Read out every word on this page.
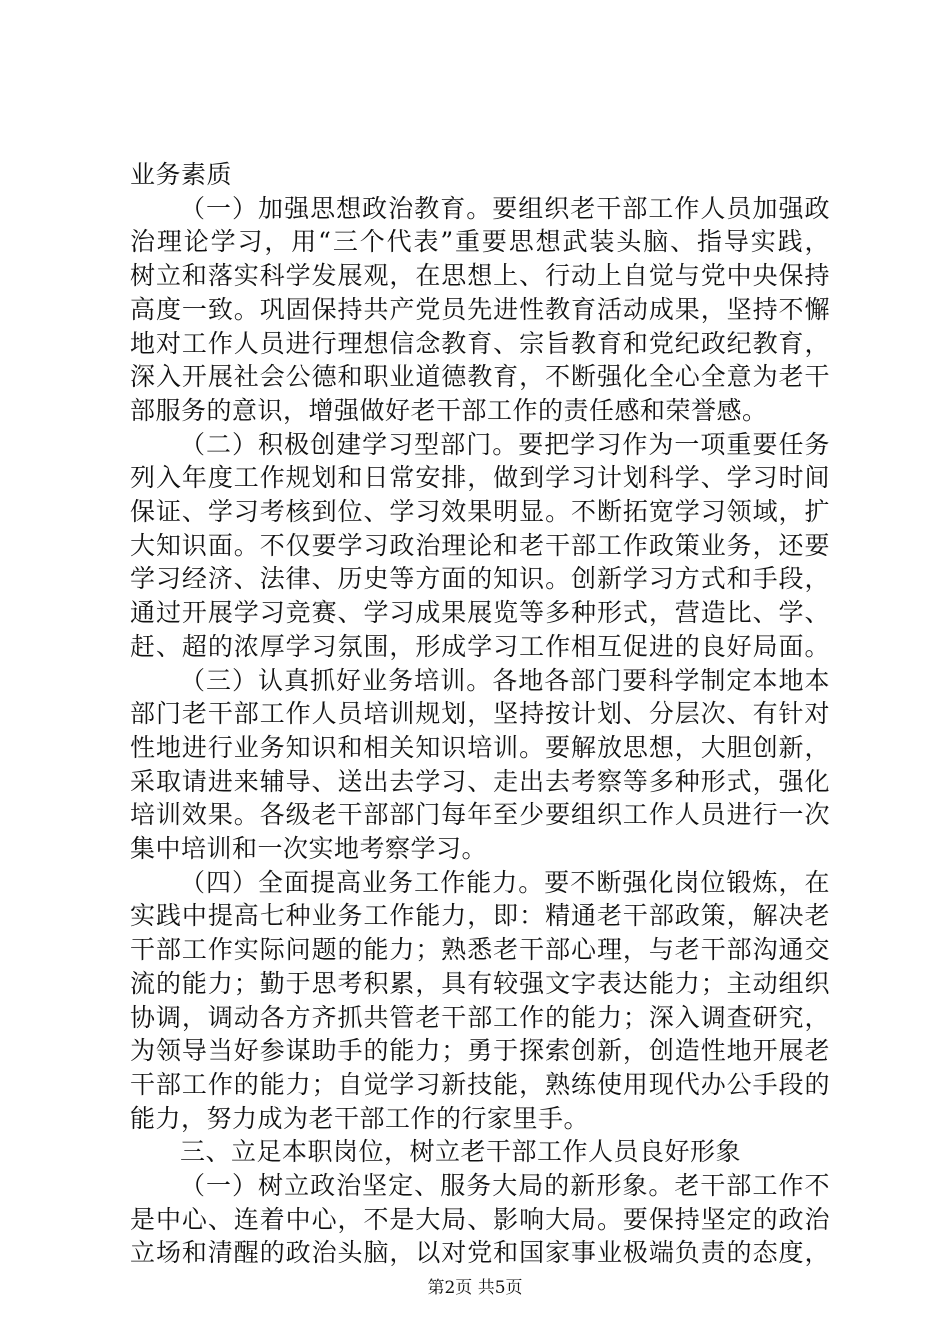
业务素质
（一）加强思想政治教育。要组织老干部工作人员加强政
治理论学习，用“三个代表”重要思想武装头脑、指导实践，
树立和落实科学发展观，在思想上、行动上自觉与党中央保持
高度一致。巩固保持共产党员先进性教育活动成果，坚持不懈
地对工作人员进行理想信念教育、宗旨教育和党纪政纪教育，
深入开展社会公德和职业道德教育，不断强化全心全意为老干
部服务的意识，增强做好老干部工作的责任感和荣誉感。
（二）积极创建学习型部门。要把学习作为一项重要任务
列入年度工作规划和日常安排，做到学习计划科学、学习时间
保证、学习考核到位、学习效果明显。不断拓宽学习领域，扩
大知识面。不仅要学习政治理论和老干部工作政策业务，还要
学习经济、法律、历史等方面的知识。创新学习方式和手段，
通过开展学习竞赛、学习成果展览等多种形式，营造比、学、
赶、超的浓厚学习氛围，形成学习工作相互促进的良好局面。
（三）认真抓好业务培训。各地各部门要科学制定本地本
部门老干部工作人员培训规划，坚持按计划、分层次、有针对
性地进行业务知识和相关知识培训。要解放思想，大胆创新，
采取请进来辅导、送出去学习、走出去考察等多种形式，强化
培训效果。各级老干部部门每年至少要组织工作人员进行一次
集中培训和一次实地考察学习。
（四）全面提高业务工作能力。要不断强化岗位锻炼，在
实践中提高七种业务工作能力，即：精通老干部政策，解决老
干部工作实际问题的能力；熟悉老干部心理，与老干部沟通交
流的能力；勤于思考积累，具有较强文字表达能力；主动组织
协调，调动各方齐抓共管老干部工作的能力；深入调查研究，
为领导当好参谋助手的能力；勇于探索创新，创造性地开展老
干部工作的能力；自觉学习新技能，熟练使用现代办公手段的
能力，努力成为老干部工作的行家里手。
三、立足本职岗位，树立老干部工作人员良好形象
（一）树立政治坚定、服务大局的新形象。老干部工作不
是中心、连着中心，不是大局、影响大局。要保持坚定的政治
立场和清醒的政治头脑，以对党和国家事业极端负责的态度，
第2页 共5页
